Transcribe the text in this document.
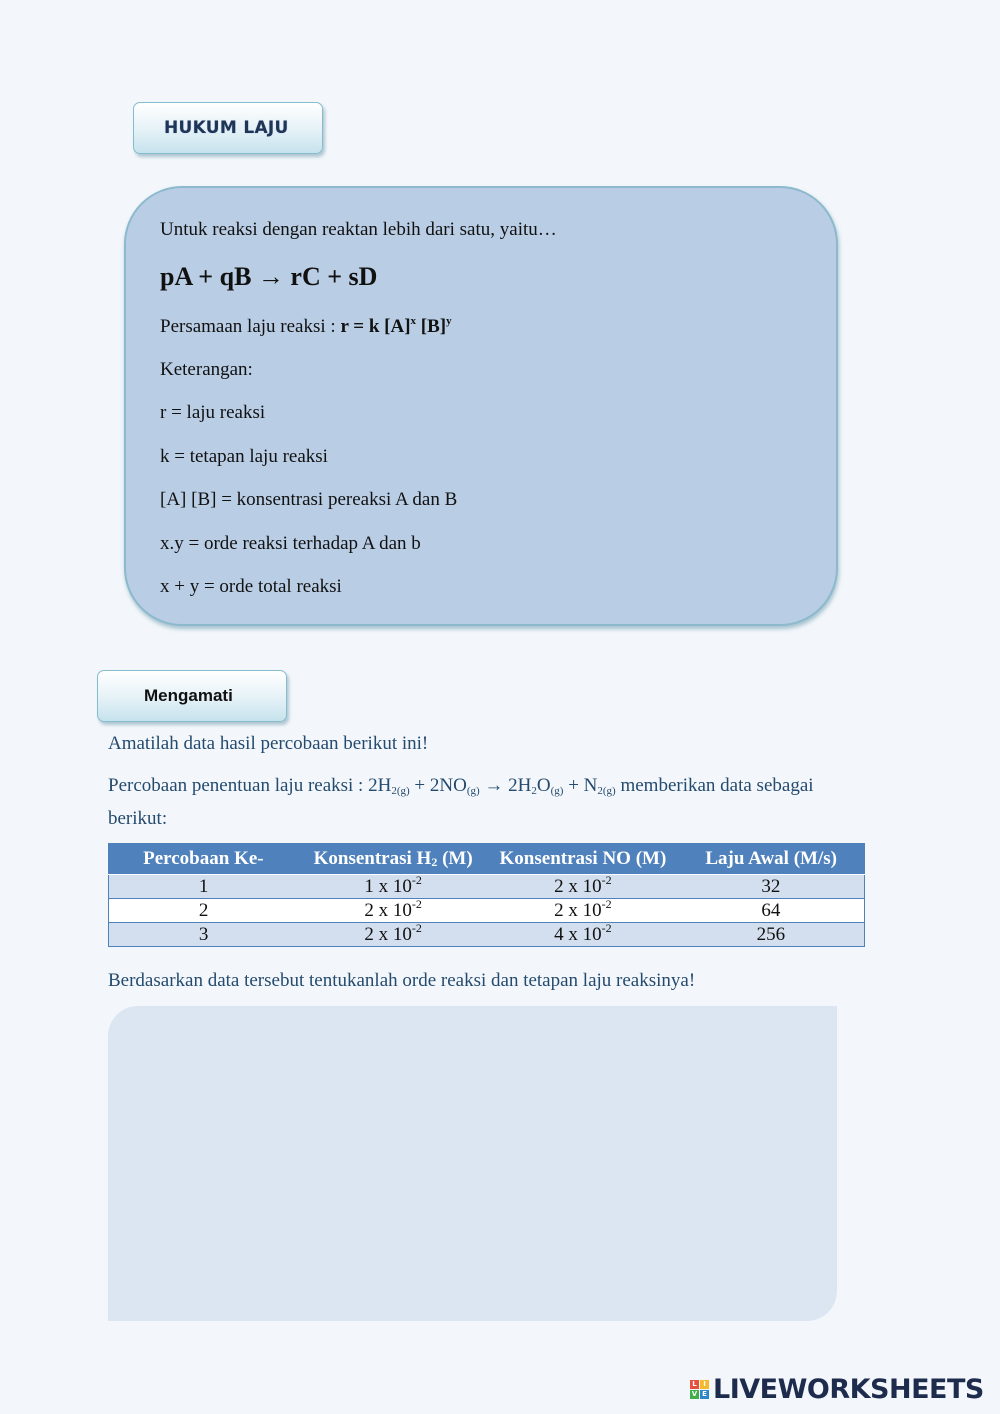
HUKUM LAJU

Untuk reaksi dengan reaktan lebih dari satu, yaitu…

pA + qB → rC + sD

Persamaan laju reaksi : r = k $[A]^x$ $[B]^y$

Keterangan:

r = laju reaksi

k = tetapan laju reaksi

[A] [B] = konsentrasi pereaksi A dan B

x.y = orde reaksi terhadap A dan b

x + y = orde total reaksi

Mengamati

Amatilah data hasil percobaan berikut ini!

Percobaan penentuan laju reaksi : $2H_{2(g)} + 2NO_{(g)} \to 2H_2O_{(g)} + N_{2(g)}$ memberikan data sebagai berikut:

Percobaan Ke-	Konsentrasi $H_2$ (M)	Konsentrasi NO (M)	Laju Awal (M/s)
1	1 x $10^{-2}$	2 x $10^{-2}$	32
2	2 x $10^{-2}$	2 x $10^{-2}$	64
3	2 x $10^{-2}$	4 x $10^{-2}$	256

Berdasarkan data tersebut tentukanlah orde reaksi dan tetapan laju reaksinya!

L I
V E LIVEWORKSHEETS
